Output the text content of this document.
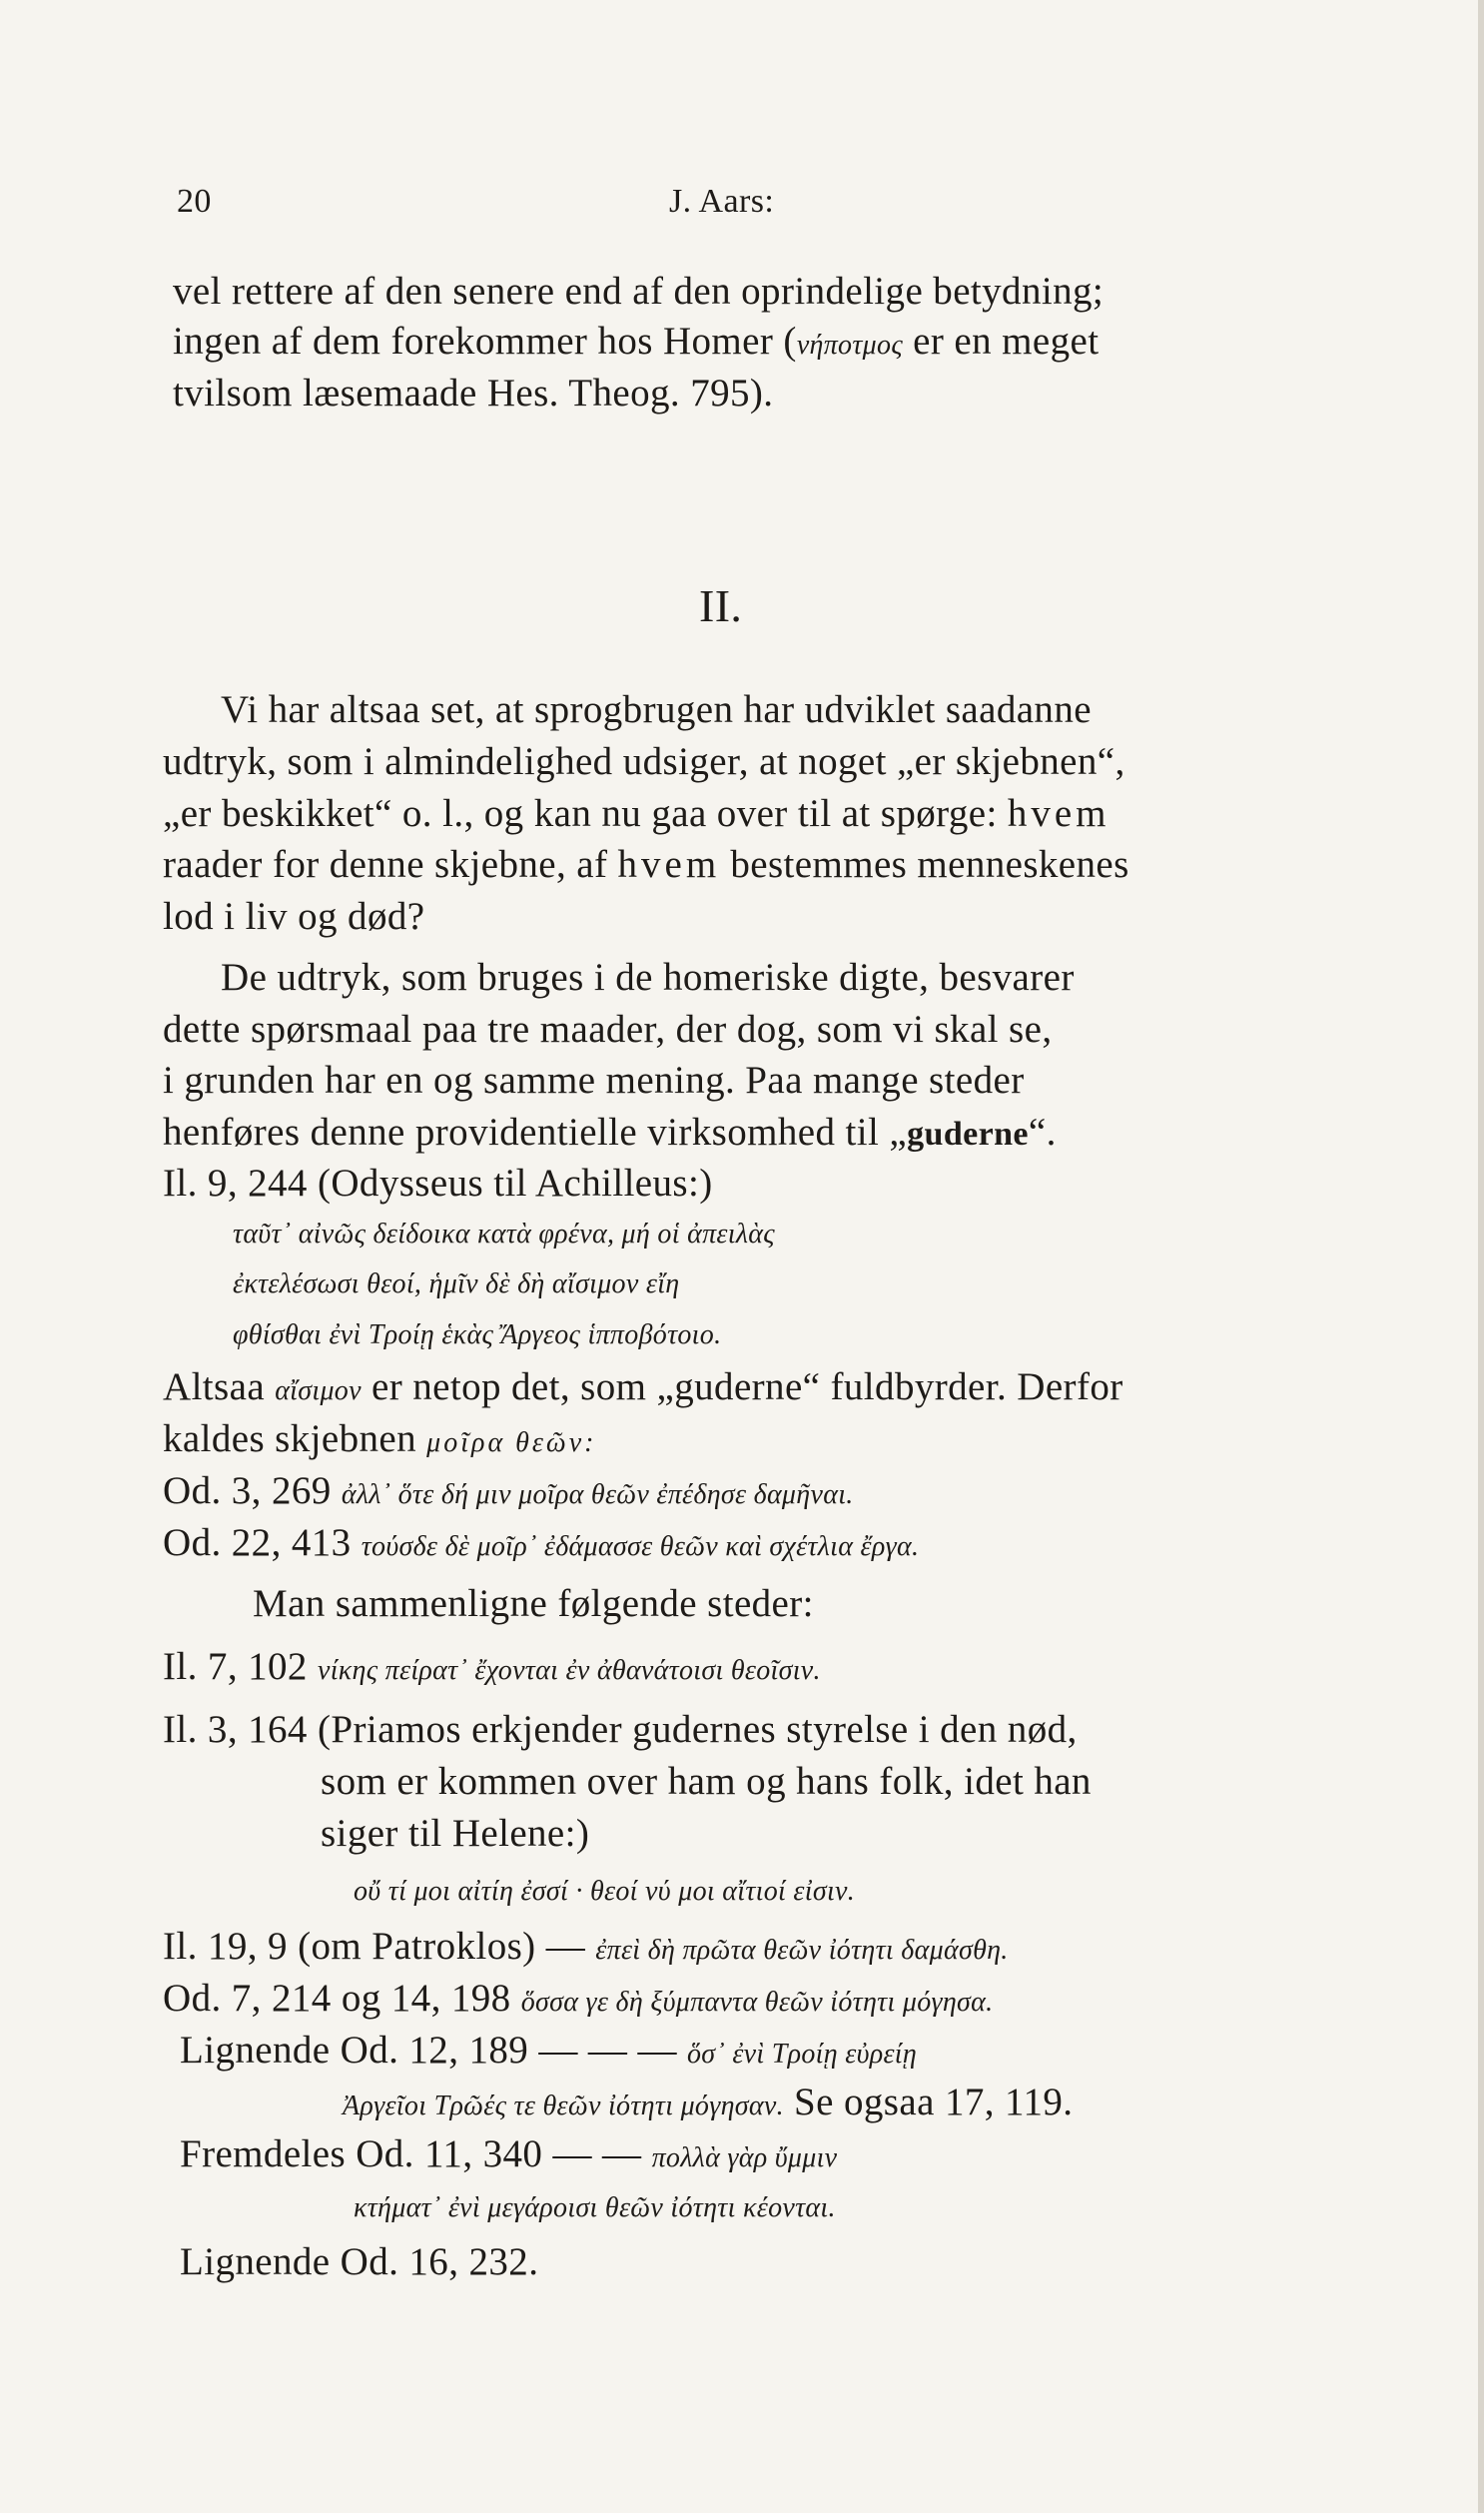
20	J. Aars:
vel rettere af den senere end af den oprindelige betydning;
ingen af dem forekommer hos Homer (νήποτμος er en meget
tvilsom læsemaade Hes. Theog. 795).
II.
Vi har altsaa set, at sprogbrugen har udviklet saadanne
udtryk, som i almindelighed udsiger, at noget „er skjebnen“,
„er beskikket“ o. l., og kan nu gaa over til at spørge: hvem
raader for denne skjebne, af hvem bestemmes menneskenes
lod i liv og død?
De udtryk, som bruges i de homeriske digte, besvarer
dette spørsmaal paa tre maader, der dog, som vi skal se,
i grunden har en og samme mening. Paa mange steder
henføres denne providentielle virksomhed til „guderne“.
Il. 9, 244 (Odysseus til Achilleus:)
ταῦτ᾽ αἰνῶς δείδοικα κατὰ φρένα, μή οἱ ἀπειλὰς
ἐκτελέσωσι θεοί, ἡμῖν δὲ δὴ αἴσιμον εἴη
φθίσθαι ἐνὶ Τροίῃ ἑκὰς Ἄργεος ἱπποβότοιο.
Altsaa αἴσιμον er netop det, som „guderne“ fuldbyrder. Derfor
kaldes skjebnen μοῖρα θεῶν:
Od. 3, 269 ἀλλ᾽ ὅτε δή μιν μοῖρα θεῶν ἐπέδησε δαμῆναι.
Od. 22, 413 τούσδε δὲ μοῖρ᾽ ἐδάμασσε θεῶν καὶ σχέτλια ἔργα.
Man sammenligne følgende steder:
Il. 7, 102 νίκης πείρατ᾽ ἔχονται ἐν ἀθανάτοισι θεοῖσιν.
Il. 3, 164 (Priamos erkjender gudernes styrelse i den nød,
som er kommen over ham og hans folk, idet han
siger til Helene:)
οὔ τί μοι αἰτίη ἐσσί · θεοί νύ μοι αἴτιοί εἰσιν.
Il. 19, 9 (om Patroklos) — ἐπεὶ δὴ πρῶτα θεῶν ἰότητι δαμάσθη.
Od. 7, 214 og 14, 198 ὅσσα γε δὴ ξύμπαντα θεῶν ἰότητι μόγησα.
Lignende Od. 12, 189 — — — ὅσ᾽ ἐνὶ Τροίῃ εὐρείῃ
Ἀργεῖοι Τρῶές τε θεῶν ἰότητι μόγησαν. Se ogsaa 17, 119.
Fremdeles Od. 11, 340 — — πολλὰ γὰρ ὔμμιν
κτήματ᾽ ἐνὶ μεγάροισι θεῶν ἰότητι κέονται.
Lignende Od. 16, 232.
